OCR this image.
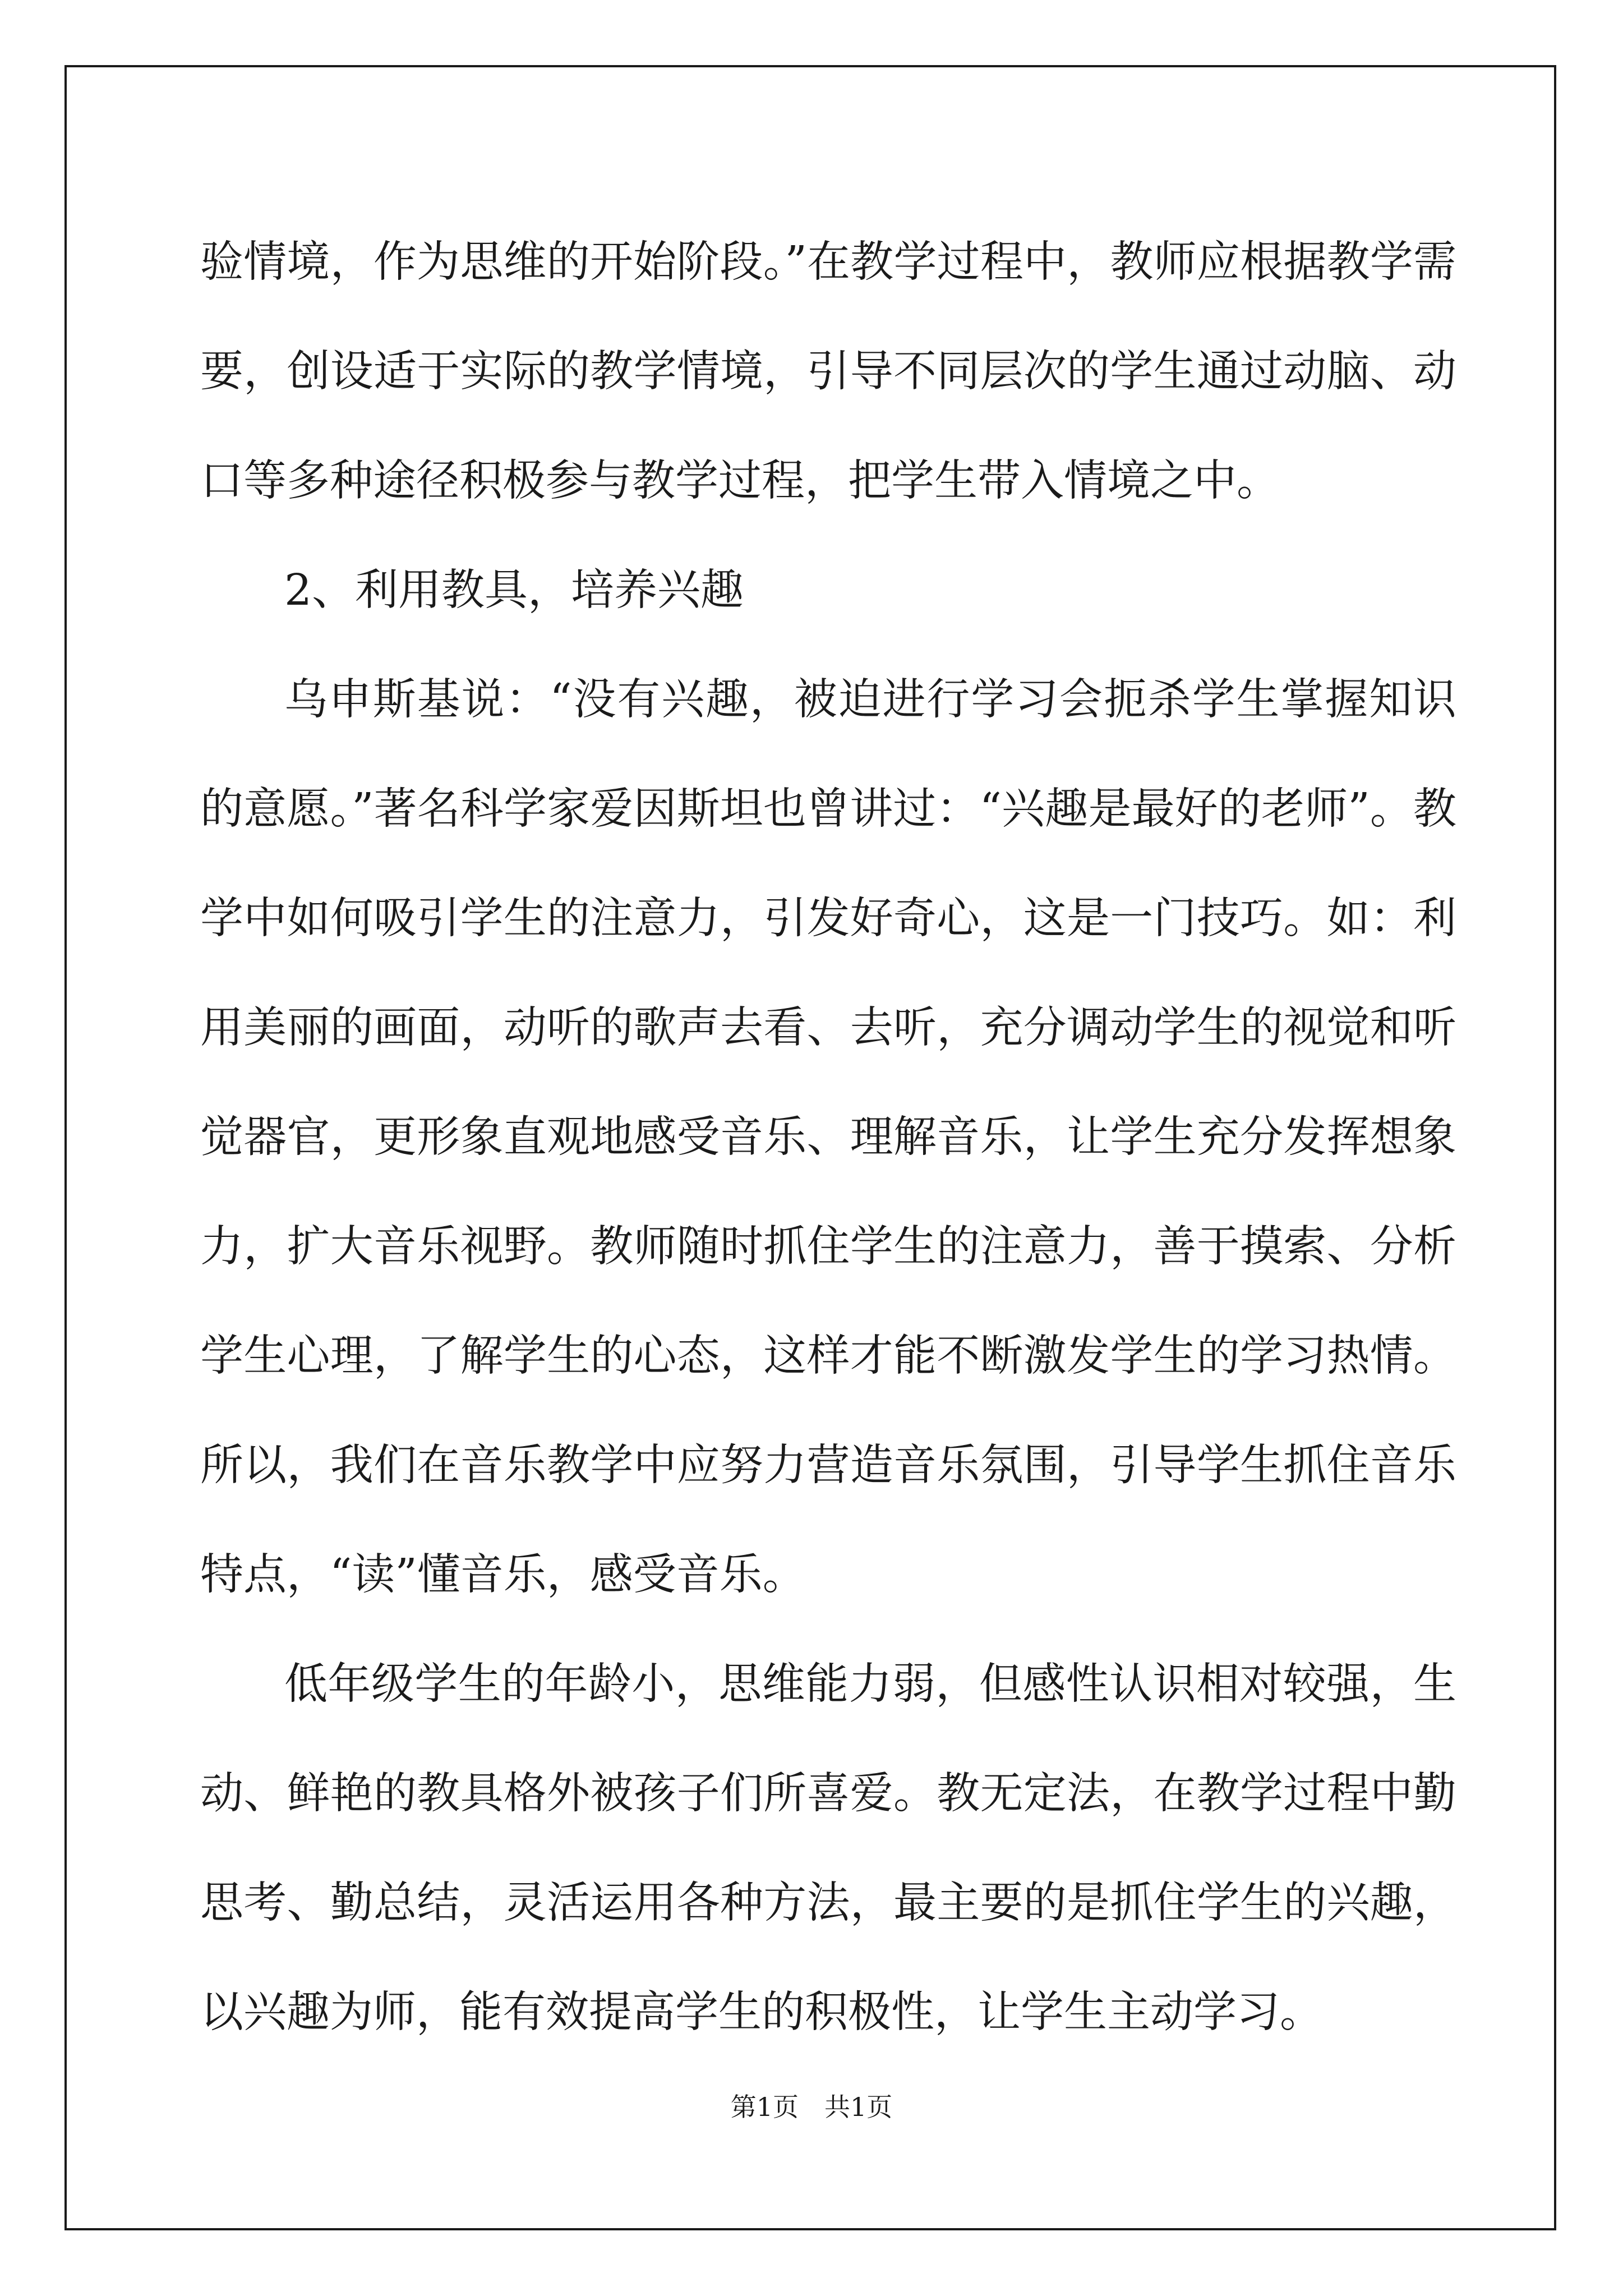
验情境，作为思维的开始阶段。”在教学过程中，教师应根据教学需要，创设适于实际的教学情境，引导不同层次的学生通过动脑、动口等多种途径积极参与教学过程，把学生带入情境之中。

2、利用教具，培养兴趣

乌申斯基说：“没有兴趣，被迫进行学习会扼杀学生掌握知识的意愿。”著名科学家爱因斯坦也曾讲过：“兴趣是最好的老师”。教学中如何吸引学生的注意力，引发好奇心，这是一门技巧。如：利用美丽的画面，动听的歌声去看、去听，充分调动学生的视觉和听觉器官，更形象直观地感受音乐、理解音乐，让学生充分发挥想象力，扩大音乐视野。教师随时抓住学生的注意力，善于摸索、分析学生心理，了解学生的心态，这样才能不断激发学生的学习热情。所以，我们在音乐教学中应努力营造音乐氛围，引导学生抓住音乐特点，“读”懂音乐，感受音乐。

低年级学生的年龄小，思维能力弱，但感性认识相对较强，生动、鲜艳的教具格外被孩子们所喜爱。教无定法，在教学过程中勤思考、勤总结，灵活运用各种方法，最主要的是抓住学生的兴趣，以兴趣为师，能有效提高学生的积极性，让学生主动学习。

第1页　共1页
